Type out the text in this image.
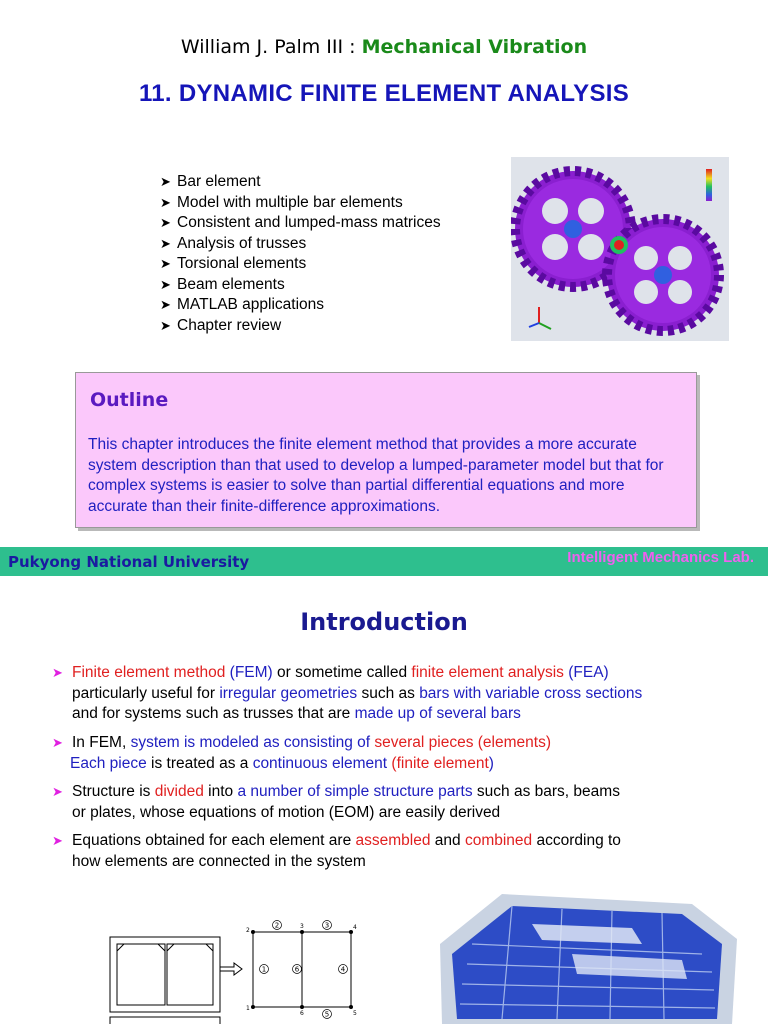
William J. Palm III : Mechanical Vibration
11. DYNAMIC FINITE ELEMENT ANALYSIS
➤ Bar element
➤ Model with multiple bar elements
➤ Consistent and lumped-mass matrices
➤ Analysis of trusses
➤ Torsional elements
➤ Beam elements
➤ MATLAB applications
➤ Chapter review
Outline
This chapter introduces the finite element method that provides a more accurate system description than that used to develop a lumped-parameter model but that for complex systems is easier to solve than partial differential equations and more accurate than their finite-difference approximations.
Pukyong National University	Intelligent Mechanics Lab.
Introduction
➤ Finite element method (FEM) or sometime called finite element analysis (FEA)
particularly useful for irregular geometries such as bars with variable cross sections
and for systems such as trusses that are made up of several bars
➤ In FEM, system is modeled as consisting of several pieces (elements)
Each piece is treated as a continuous element (finite element)
➤ Structure is divided into a number of simple structure parts such as bars, beams
or plates, whose equations of motion (EOM) are easily derived
➤ Equations obtained for each element are assembled and combined according to
how elements are connected in the system
2	3
1	6	4
5
2
3	4
1
6	5
